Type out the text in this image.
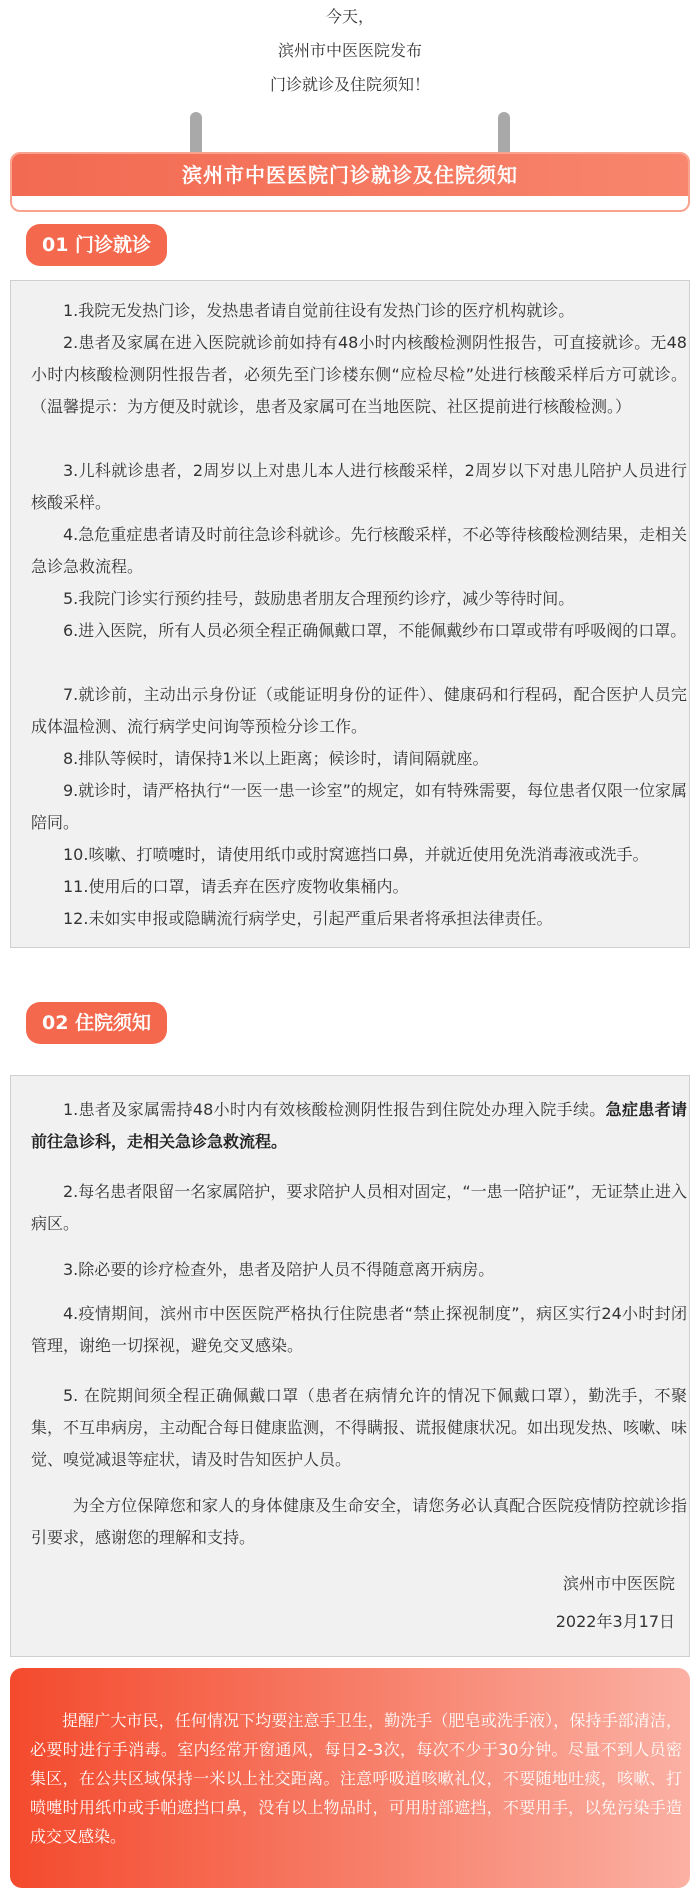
今天，
滨州市中医医院发布
门诊就诊及住院须知！
滨州市中医医院门诊就诊及住院须知
01 门诊就诊
1.我院无发热门诊，发热患者请自觉前往设有发热门诊的医疗机构就诊。
2.患者及家属在进入医院就诊前如持有48小时内核酸检测阴性报告，可直接就诊。无48小时内核酸检测阴性报告者，必须先至门诊楼东侧“应检尽检”处进行核酸采样后方可就诊。（温馨提示：为方便及时就诊，患者及家属可在当地医院、社区提前进行核酸检测。）
3.儿科就诊患者，2周岁以上对患儿本人进行核酸采样，2周岁以下对患儿陪护人员进行核酸采样。
4.急危重症患者请及时前往急诊科就诊。先行核酸采样，不必等待核酸检测结果，走相关急诊急救流程。
5.我院门诊实行预约挂号，鼓励患者朋友合理预约诊疗，减少等待时间。
6.进入医院，所有人员必须全程正确佩戴口罩，不能佩戴纱布口罩或带有呼吸阀的口罩。
7.就诊前，主动出示身份证（或能证明身份的证件）、健康码和行程码，配合医护人员完成体温检测、流行病学史问询等预检分诊工作。
8.排队等候时，请保持1米以上距离；候诊时，请间隔就座。
9.就诊时，请严格执行“一医一患一诊室”的规定，如有特殊需要，每位患者仅限一位家属陪同。
10.咳嗽、打喷嚏时，请使用纸巾或肘窝遮挡口鼻，并就近使用免洗消毒液或洗手。
11.使用后的口罩，请丢弃在医疗废物收集桶内。
12.未如实申报或隐瞒流行病学史，引起严重后果者将承担法律责任。
02 住院须知
1.患者及家属需持48小时内有效核酸检测阴性报告到住院处办理入院手续。急症患者请前往急诊科，走相关急诊急救流程。
2.每名患者限留一名家属陪护，要求陪护人员相对固定，“一患一陪护证”，无证禁止进入病区。
3.除必要的诊疗检查外，患者及陪护人员不得随意离开病房。
4.疫情期间，滨州市中医医院严格执行住院患者“禁止探视制度”，病区实行24小时封闭管理，谢绝一切探视，避免交叉感染。
5. 在院期间须全程正确佩戴口罩（患者在病情允许的情况下佩戴口罩），勤洗手，不聚集，不互串病房，主动配合每日健康监测，不得瞒报、谎报健康状况。如出现发热、咳嗽、味觉、嗅觉减退等症状，请及时告知医护人员。
为全方位保障您和家人的身体健康及生命安全，请您务必认真配合医院疫情防控就诊指引要求，感谢您的理解和支持。
滨州市中医医院
2022年3月17日
提醒广大市民，任何情况下均要注意手卫生，勤洗手（肥皂或洗手液），保持手部清洁，必要时进行手消毒。室内经常开窗通风，每日2-3次，每次不少于30分钟。尽量不到人员密集区，在公共区域保持一米以上社交距离。注意呼吸道咳嗽礼仪，不要随地吐痰，咳嗽、打喷嚏时用纸巾或手帕遮挡口鼻，没有以上物品时，可用肘部遮挡，不要用手，以免污染手造成交叉感染。
